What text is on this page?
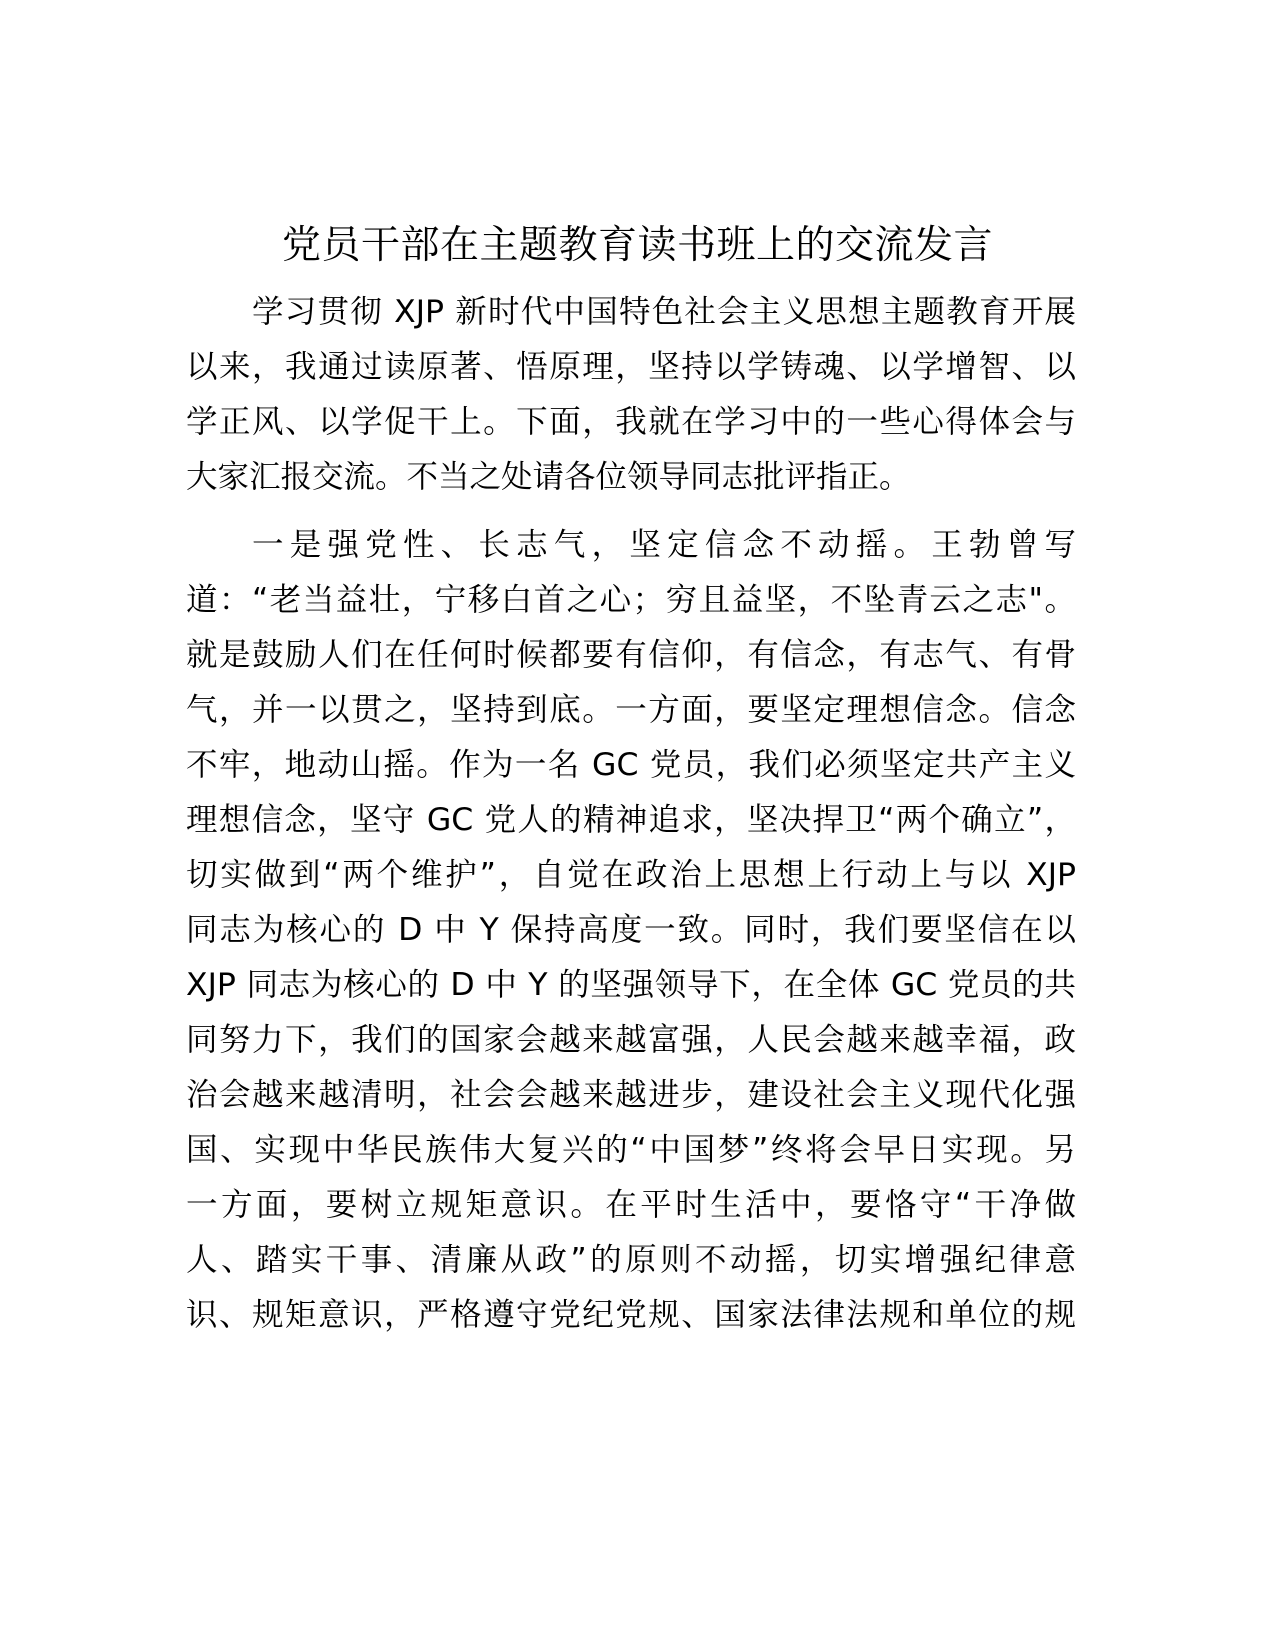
党员干部在主题教育读书班上的交流发言
学习贯彻 XJP 新时代中国特色社会主义思想主题教育开展
以来，我通过读原著、悟原理，坚持以学铸魂、以学增智、以
学正风、以学促干上。下面，我就在学习中的一些心得体会与
大家汇报交流。不当之处请各位领导同志批评指正。
一是强党性、长志气，坚定信念不动摇。王勃曾写
道：“老当益壮，宁移白首之心；穷且益坚，不坠青云之志"。
就是鼓励人们在任何时候都要有信仰，有信念，有志气、有骨
气，并一以贯之，坚持到底。一方面，要坚定理想信念。信念
不牢，地动山摇。作为一名 GC 党员，我们必须坚定共产主义
理想信念，坚守 GC 党人的精神追求，坚决捍卫“两个确立”，
切实做到“两个维护”，自觉在政治上思想上行动上与以 XJP
同志为核心的 D 中 Y 保持高度一致。同时，我们要坚信在以
XJP 同志为核心的 D 中 Y 的坚强领导下，在全体 GC 党员的共
同努力下，我们的国家会越来越富强，人民会越来越幸福，政
治会越来越清明，社会会越来越进步，建设社会主义现代化强
国、实现中华民族伟大复兴的“中国梦”终将会早日实现。另
一方面，要树立规矩意识。在平时生活中，要恪守“干净做
人、踏实干事、清廉从政”的原则不动摇，切实增强纪律意
识、规矩意识，严格遵守党纪党规、国家法律法规和单位的规
